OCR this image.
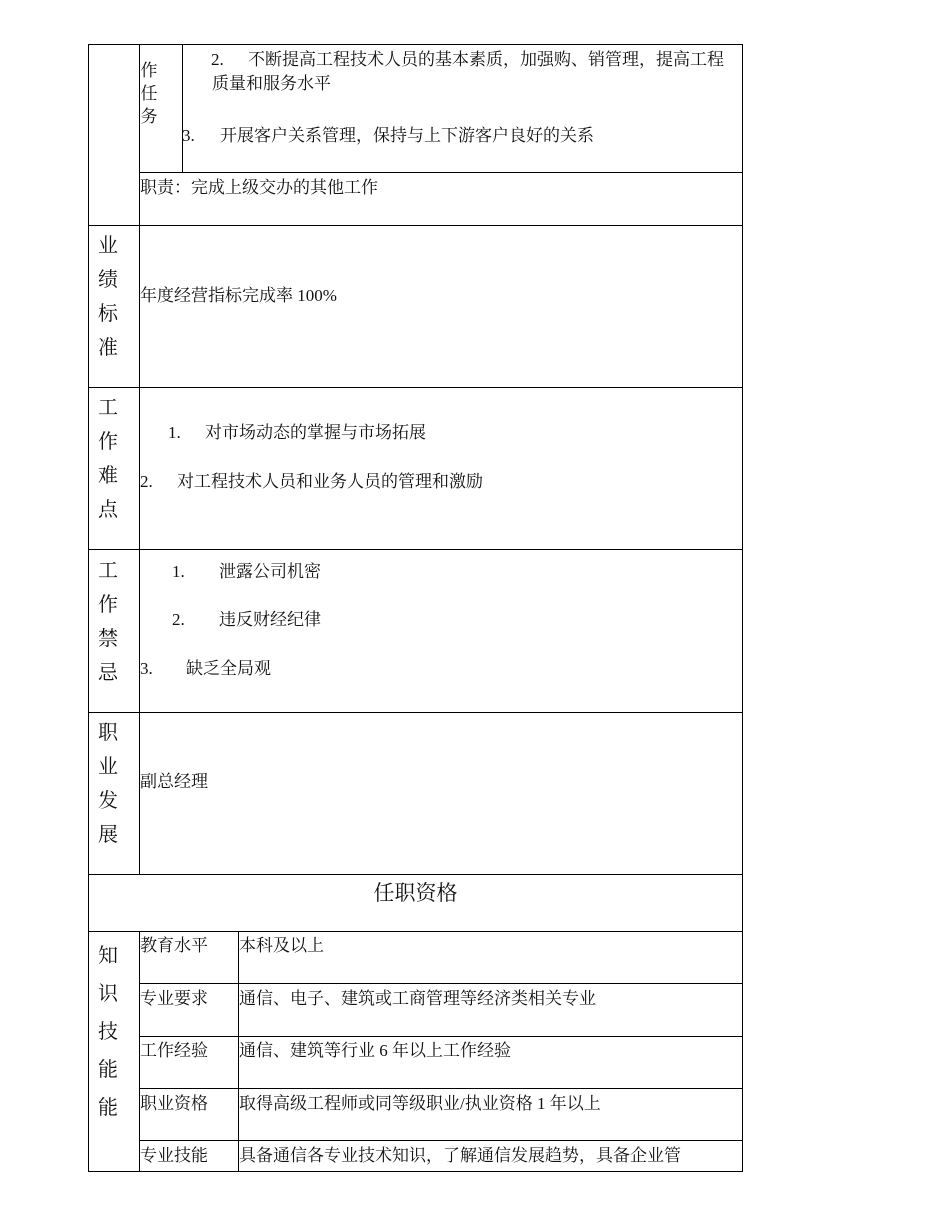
作任务
2.	不断提高工程技术人员的基本素质，加强购、销管理，提高工程质量和服务水平
3. 开展客户关系管理，保持与上下游客户良好的关系
职责：完成上级交办的其他工作
业绩标准
年度经营指标完成率 100%
工作难点
1. 对市场动态的掌握与市场拓展
2. 对工程技术人员和业务人员的管理和激励
工作禁忌
1. 泄露公司机密
2. 违反财经纪律
3. 缺乏全局观
职业发展
副总经理
任职资格
知识技能能
教育水平 本科及以上
专业要求 通信、电子、建筑或工商管理等经济类相关专业
工作经验 通信、建筑等行业 6 年以上工作经验
职业资格 取得高级工程师或同等级职业/执业资格 1 年以上
专业技能 具备通信各专业技术知识，了解通信发展趋势，具备企业管
